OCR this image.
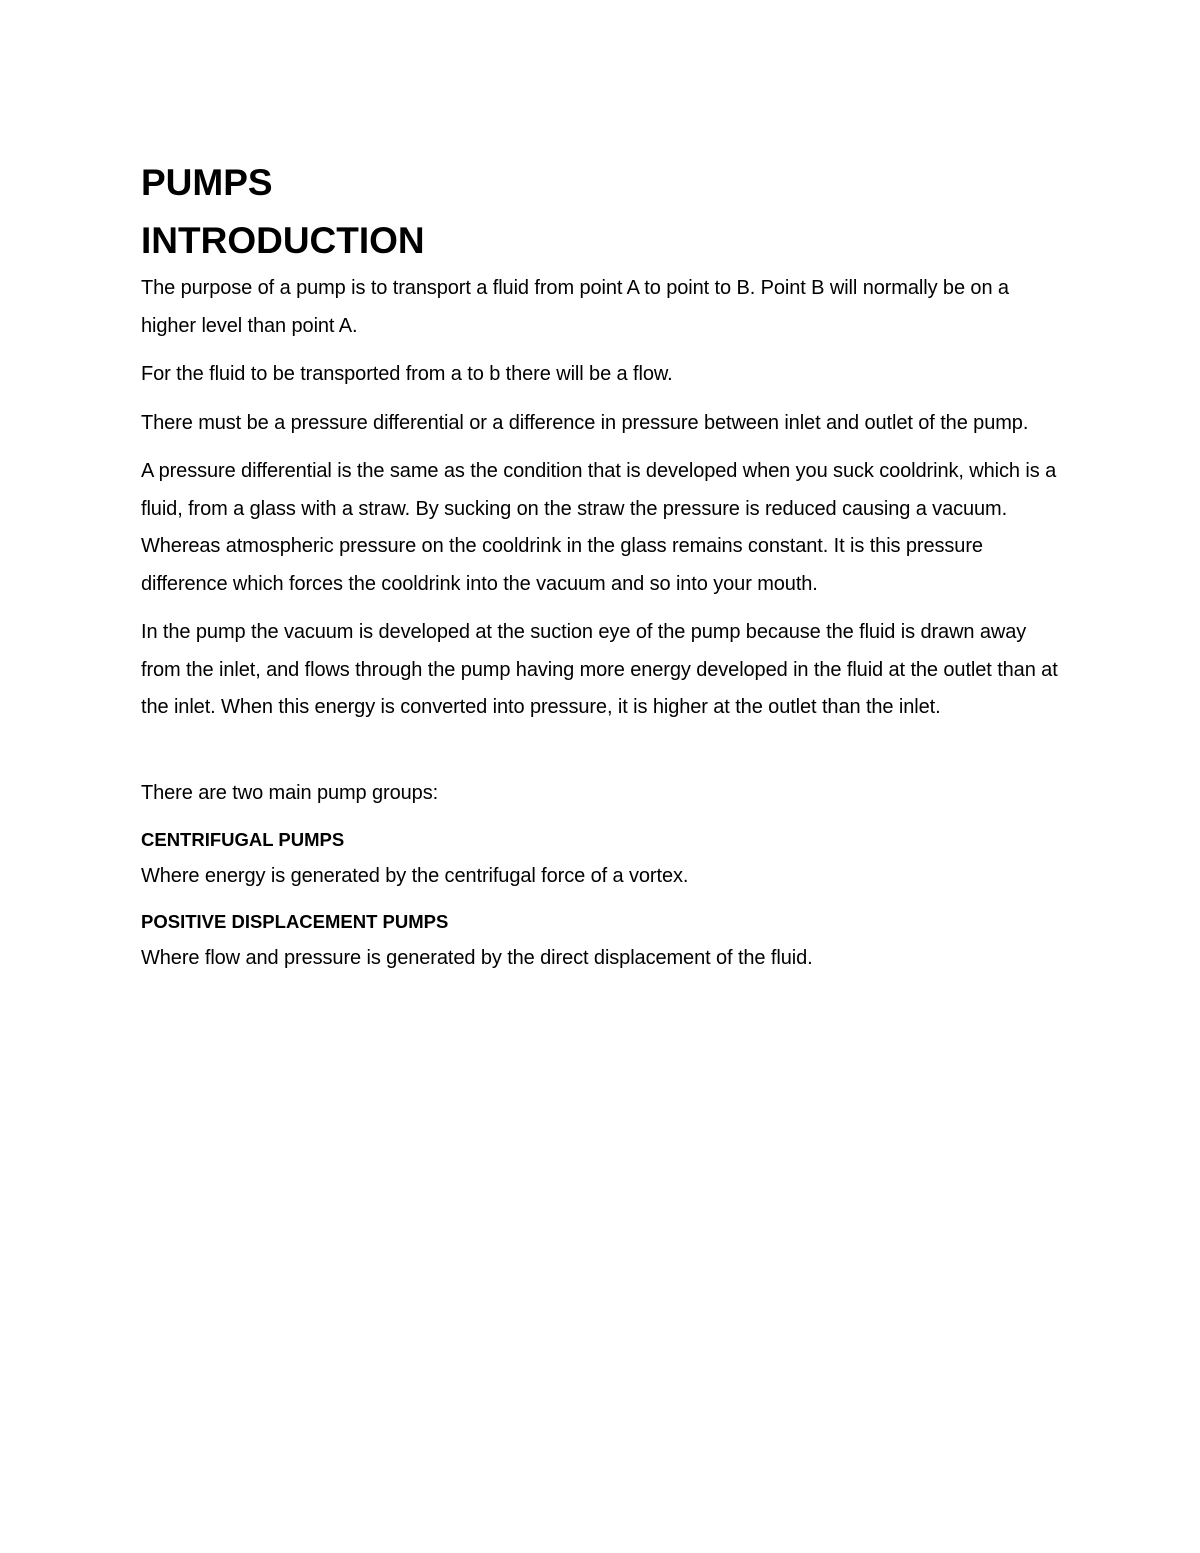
PUMPS
INTRODUCTION

The purpose of a pump is to transport a fluid from point A to point to B. Point B will normally be on a higher level than point A.

For the fluid to be transported from a to b there will be a flow.

There must be a pressure differential or a difference in pressure between inlet and outlet of the pump.

A pressure differential is the same as the condition that is developed when you suck cooldrink, which is a fluid, from a glass with a straw. By sucking on the straw the pressure is reduced causing a vacuum. Whereas atmospheric pressure on the cooldrink in the glass remains constant. It is this pressure difference which forces the cooldrink into the vacuum and so into your mouth.

In the pump the vacuum is developed at the suction eye of the pump because the fluid is drawn away from the inlet, and flows through the pump having more energy developed in the fluid at the outlet than at the inlet. When this energy is converted into pressure, it is higher at the outlet than the inlet.

There are two main pump groups:

CENTRIFUGAL PUMPS

Where energy is generated by the centrifugal force of a vortex.

POSITIVE DISPLACEMENT PUMPS

Where flow and pressure is generated by the direct displacement of the fluid.
